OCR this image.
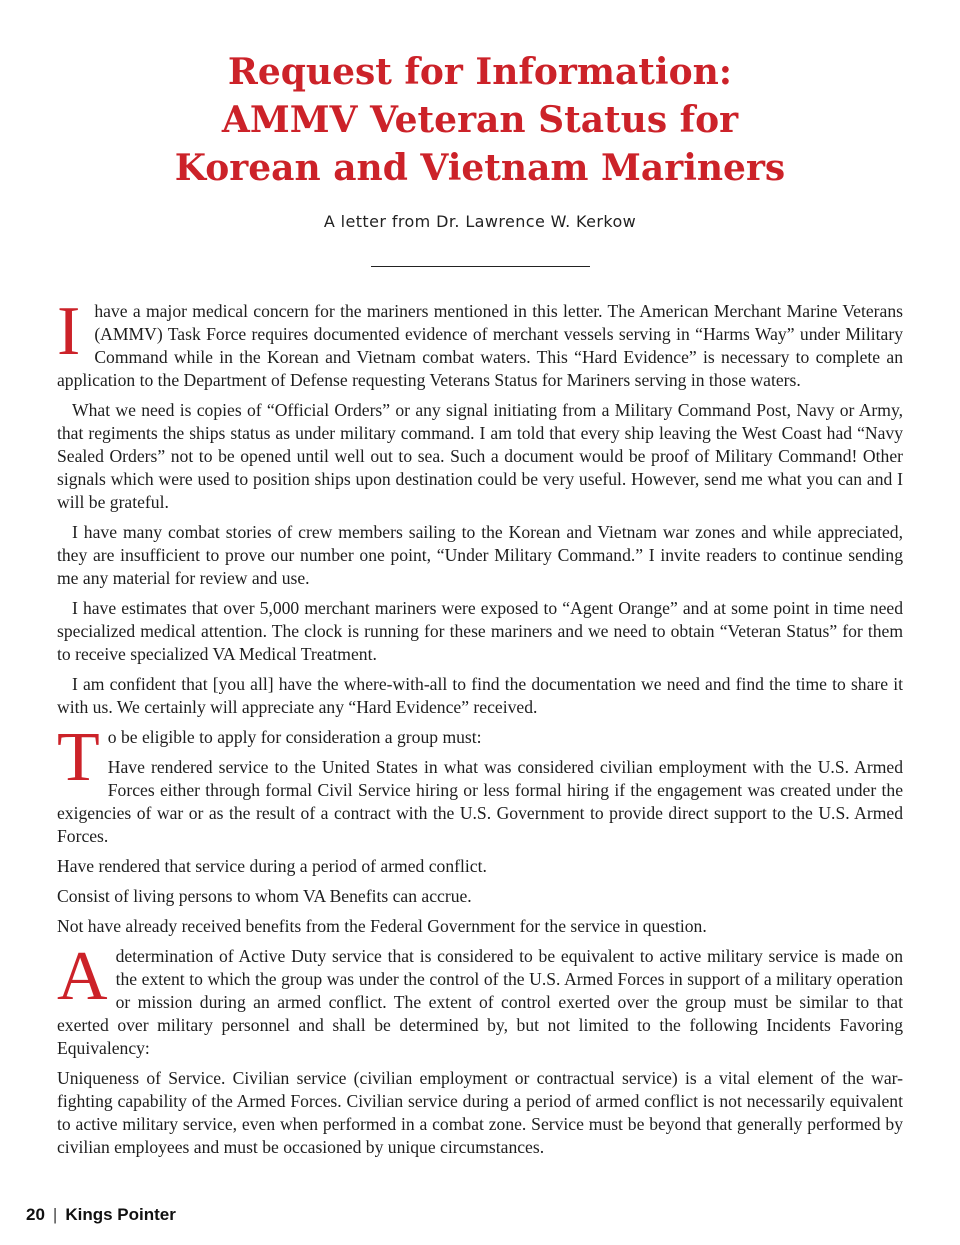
Request for Information:
AMMV Veteran Status for
Korean and Vietnam Mariners
A letter from Dr. Lawrence W. Kerkow

Ihave a major medical concern for the mariners mentioned in this letter. The American Merchant Marine Veterans (AMMV) Task Force requires documented evidence of merchant vessels serving in “Harms Way” under Military Command while in the Korean and Vietnam combat waters. This “Hard Evidence” is necessary to complete an application to the Department of Defense requesting Veterans Status for Mariners serving in those waters.

What we need is copies of “Official Orders” or any signal initiating from a Military Command Post, Navy or Army, that regiments the ships status as under military command. I am told that every ship leaving the West Coast had “Navy Sealed Orders” not to be opened until well out to sea. Such a document would be proof of Military Command! Other signals which were used to position ships upon destination could be very useful. However, send me what you can and I will be grateful.

I have many combat stories of crew members sailing to the Korean and Vietnam war zones and while appreciated, they are insufficient to prove our number one point, “Under Military Command.” I invite readers to continue sending me any material for review and use.

I have estimates that over 5,000 merchant mariners were exposed to “Agent Orange” and at some point in time need specialized medical attention. The clock is running for these mariners and we need to obtain “Veteran Status” for them to receive specialized VA Medical Treatment.

I am confident that [you all] have the where-with-all to find the documentation we need and find the time to share it with us. We certainly will appreciate any “Hard Evidence” received.

To be eligible to apply for consideration a group must:

Have rendered service to the United States in what was considered civilian employment with the U.S. Armed Forces either through formal Civil Service hiring or less formal hiring if the engagement was created under the exigencies of war or as the result of a contract with the U.S. Government to provide direct support to the U.S. Armed Forces.

Have rendered that service during a period of armed conflict.

Consist of living persons to whom VA Benefits can accrue.

Not have already received benefits from the Federal Government for the service in question.

Adetermination of Active Duty service that is considered to be equivalent to active military service is made on the extent to which the group was under the control of the U.S. Armed Forces in support of a military operation or mission during an armed conflict. The extent of control exerted over the group must be similar to that exerted over military personnel and shall be determined by, but not limited to the following Incidents Favoring Equivalency:

Uniqueness of Service. Civilian service (civilian employment or contractual service) is a vital element of the war-fighting capability of the Armed Forces. Civilian service during a period of armed conflict is not necessarily equivalent to active military service, even when performed in a combat zone. Service must be beyond that generally performed by civilian employees and must be occasioned by unique circumstances.

20 | Kings Pointer
